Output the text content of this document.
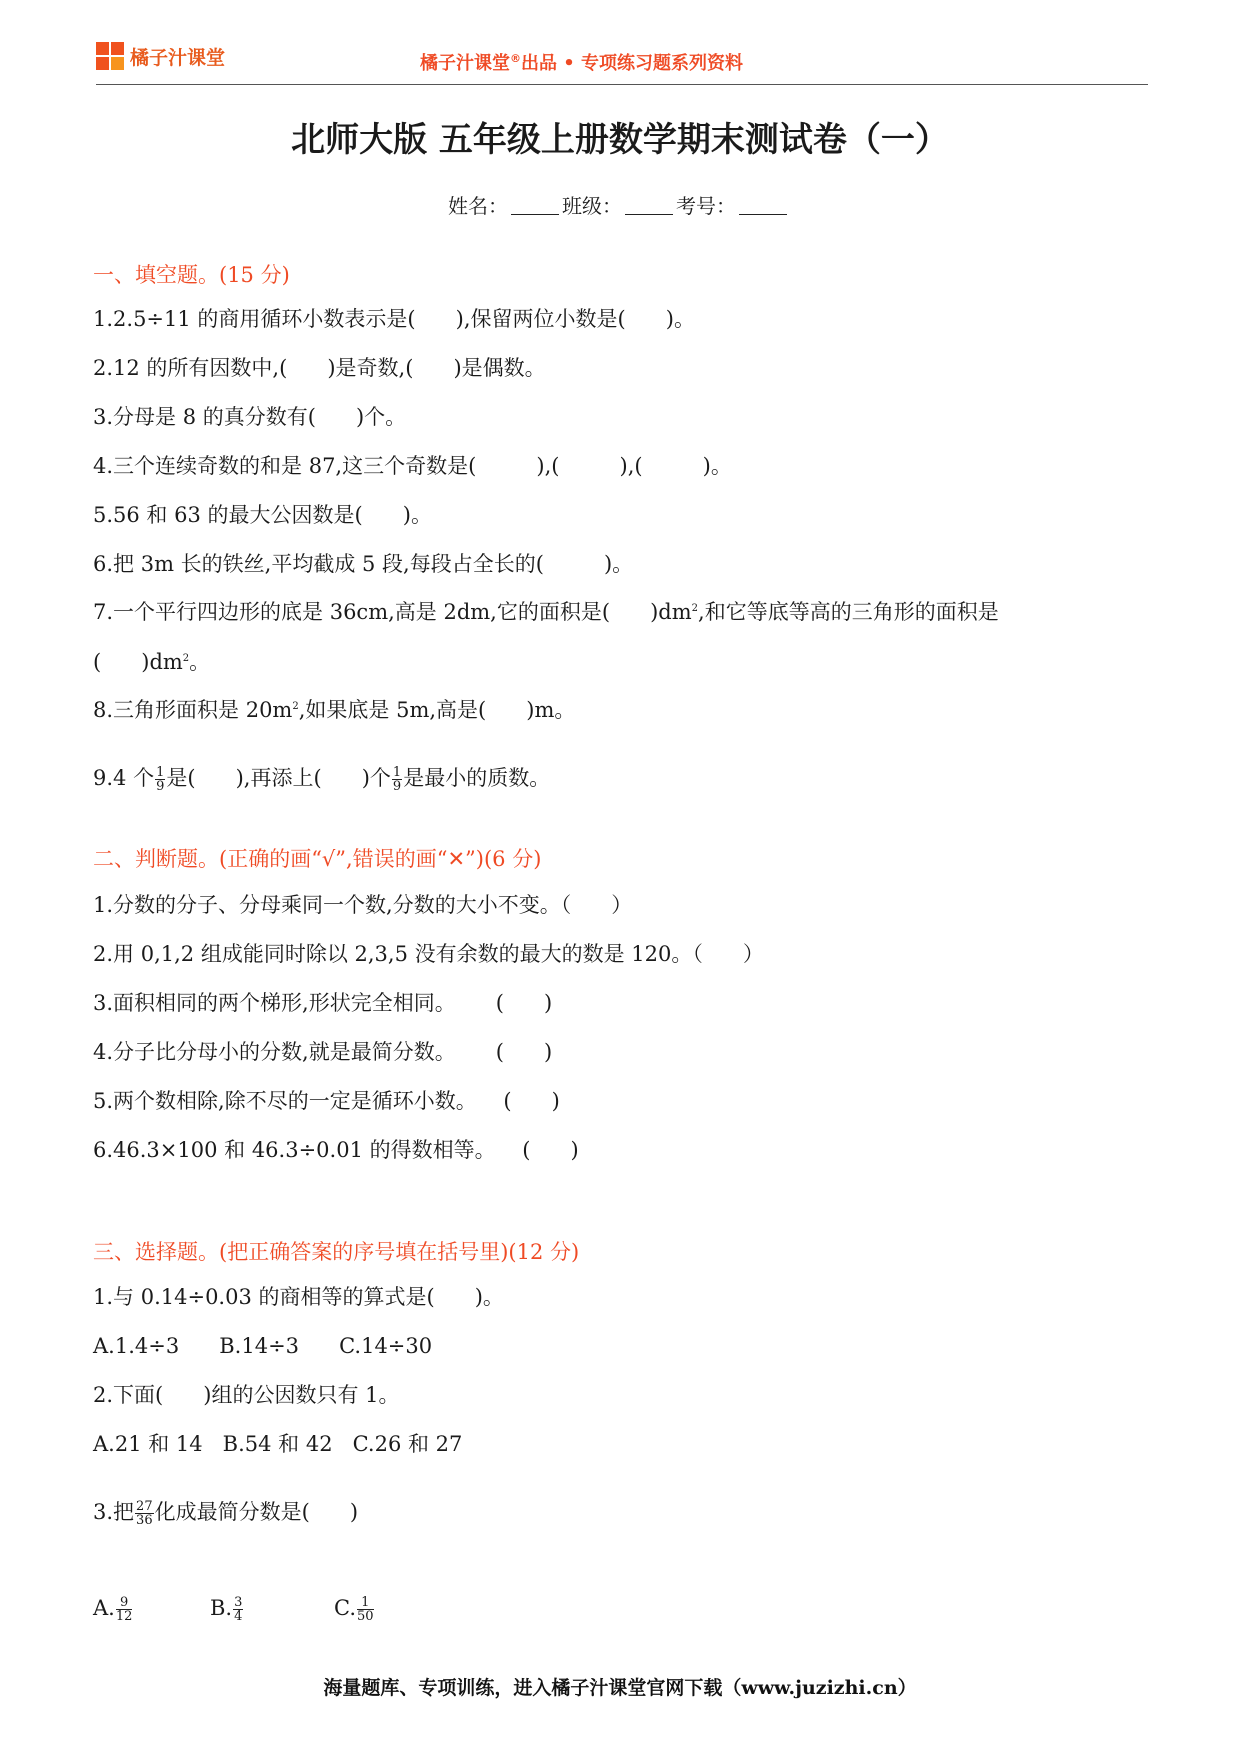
橘子汁课堂	橘子汁课堂®出品 • 专项练习题系列资料
北师大版 五年级上册数学期末测试卷（一）
姓名：	班级：	考号：
一、填空题。(15 分)
1.2.5÷11 的商用循环小数表示是(      ),保留两位小数是(      )。
2.12 的所有因数中,(      )是奇数,(      )是偶数。
3.分母是 8 的真分数有(      )个。
4.三个连续奇数的和是 87,这三个奇数是(         ),(         ),(         )。
5.56 和 63 的最大公因数是(      )。
6.把 3m 长的铁丝,平均截成 5 段,每段占全长的(         )。
7.一个平行四边形的底是 36cm,高是 2dm,它的面积是(      )$dm^2$,和它等底等高的三角形的面积是
(      )$dm^2$。
8.三角形面积是 $20m^2$,如果底是 5m,高是(      )m。
9.4 个 $\frac{1}{9}$ 是(      ),再添上(      )个 $\frac{1}{9}$ 是最小的质数。
二、判断题。(正确的画“√”,错误的画“✕”)(6 分)
1.分数的分子、分母乘同一个数,分数的大小不变。（      ）
2.用 0,1,2 组成能同时除以 2,3,5 没有余数的最大的数是 120。（      ）
3.面积相同的两个梯形,形状完全相同。      (      )
4.分子比分母小的分数,就是最简分数。      (      )
5.两个数相除,除不尽的一定是循环小数。    (      )
6.46.3×100 和 46.3÷0.01 的得数相等。    (      )
三、选择题。(把正确答案的序号填在括号里)(12 分)
1.与 0.14÷0.03 的商相等的算式是(      )。
A.1.4÷3      B.14÷3      C.14÷30
2.下面(      )组的公因数只有 1。
A.21 和 14   B.54 和 42   C.26 和 27
3.把 $\frac{27}{36}$ 化成最简分数是(      )
A. $\frac{9}{12}$	B. $\frac{3}{4}$	C. $\frac{1}{50}$
海量题库、专项训练，进入橘子汁课堂官网下载（www.juzizhi.cn）
